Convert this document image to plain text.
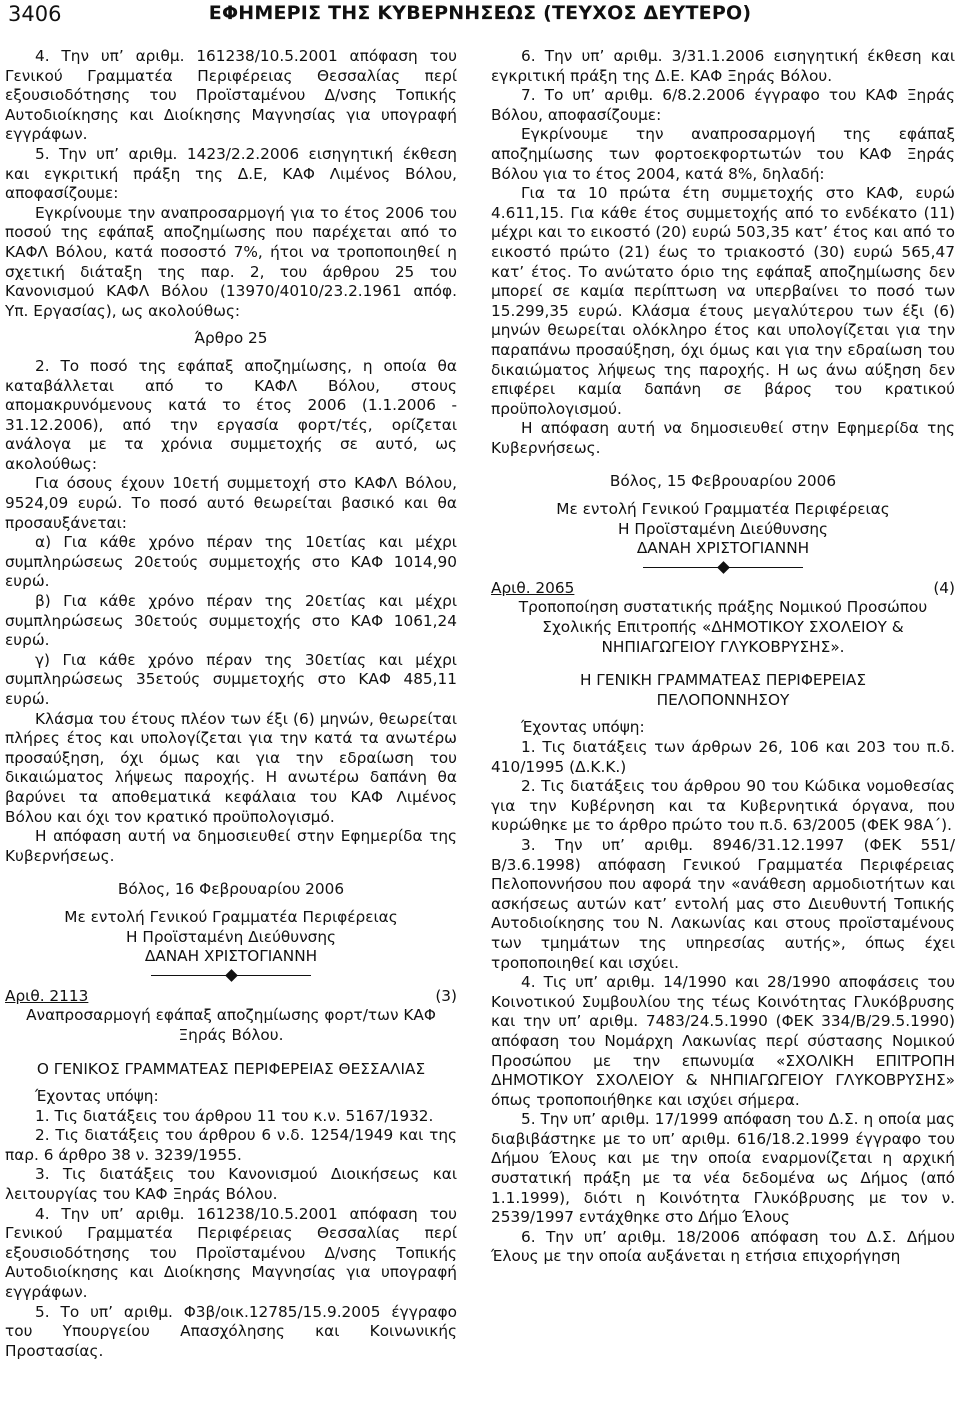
3406	ΕΦΗΜΕΡΙΣ ΤΗΣ ΚΥΒΕΡΝΗΣΕΩΣ (ΤΕΥΧΟΣ ΔΕΥΤΕΡΟ)

4. Την υπ’ αριθμ. 161238/10.5.2001 απόφαση του Γενικού Γραμματέα Περιφέρειας Θεσσαλίας περί εξουσιοδότησης του Προϊσταμένου Δ/νσης Τοπικής Αυτοδιοίκησης και Διοίκησης Μαγνησίας για υπογραφή εγγράφων.

5. Την υπ’ αριθμ. 1423/2.2.2006 εισηγητική έκθεση και εγκριτική πράξη της Δ.Ε, ΚΑΦ Λιμένος Βόλου, αποφασίζουμε:

Εγκρίνουμε την αναπροσαρμογή για το έτος 2006 του ποσού της εφάπαξ αποζημίωσης που παρέχεται από το ΚΑΦΛ Βόλου, κατά ποσοστό 7%, ήτοι να τροποποιηθεί η σχετική διάταξη της παρ. 2, του άρθρου 25 του Κανονισμού ΚΑΦΛ Βόλου (13970/4010/23.2.1961 απόφ. Υπ. Εργασίας), ως ακολούθως:

Άρθρο 25

2. Το ποσό της εφάπαξ αποζημίωσης, η οποία θα καταβάλλεται από το ΚΑΦΛ Βόλου, στους απομακρυνόμενους κατά το έτος 2006 (1.1.2006 - 31.12.2006), από την εργασία φορτ/τές, ορίζεται ανάλογα με τα χρόνια συμμετοχής σε αυτό, ως ακολούθως:

Για όσους έχουν 10ετή συμμετοχή στο ΚΑΦΛ Βόλου, 9524,09 ευρώ. Το ποσό αυτό θεωρείται βασικό και θα προσαυξάνεται:

α) Για κάθε χρόνο πέραν της 10ετίας και μέχρι συμπληρώσεως 20ετούς συμμετοχής στο ΚΑΦ 1014,90 ευρώ.

β) Για κάθε χρόνο πέραν της 20ετίας και μέχρι συμπληρώσεως 30ετούς συμμετοχής στο ΚΑΦ 1061,24 ευρώ.

γ) Για κάθε χρόνο πέραν της 30ετίας και μέχρι συμπληρώσεως 35ετούς συμμετοχής στο ΚΑΦ 485,11 ευρώ.

Κλάσμα του έτους πλέον των έξι (6) μηνών, θεωρείται πλήρες έτος και υπολογίζεται για την κατά τα ανωτέρω προσαύξηση, όχι όμως και για την εδραίωση του δικαιώματος λήψεως παροχής. Η ανωτέρω δαπάνη θα βαρύνει τα αποθεματικά κεφάλαια του ΚΑΦ Λιμένος Βόλου και όχι τον κρατικό προϋπολογισμό.

Η απόφαση αυτή να δημοσιευθεί στην Εφημερίδα της Κυβερνήσεως.

Βόλος, 16 Φεβρουαρίου 2006

Με εντολή Γενικού Γραμματέα Περιφέρειας

Η Προϊσταμένη Διεύθυνσης

ΔΑΝΑΗ ΧΡΙΣΤΟΓΙΑΝΝΗ

Αριθ. 2113	(3)

Αναπροσαρμογή εφάπαξ αποζημίωσης φορτ/των ΚΑΦ Ξηράς Βόλου.

Ο ΓΕΝΙΚΟΣ ΓΡΑΜΜΑΤΕΑΣ ΠΕΡΙΦΕΡΕΙΑΣ ΘΕΣΣΑΛΙΑΣ

Έχοντας υπόψη:

1. Τις διατάξεις του άρθρου 11 του κ.ν. 5167/1932.

2. Τις διατάξεις του άρθρου 6 ν.δ. 1254/1949 και της παρ. 6 άρθρο 38 ν. 3239/1955.

3. Τις διατάξεις του Κανονισμού Διοικήσεως και λειτουργίας του ΚΑΦ Ξηράς Βόλου.

4. Την υπ’ αριθμ. 161238/10.5.2001 απόφαση του Γενικού Γραμματέα Περιφέρειας Θεσσαλίας περί εξουσιοδότησης του Προϊσταμένου Δ/νσης Τοπικής Αυτοδιοίκησης και Διοίκησης Μαγνησίας για υπογραφή εγγράφων.

5. Το υπ’ αριθμ. Φ3β/οικ.12785/15.9.2005 έγγραφο του Υπουργείου Απασχόλησης και Κοινωνικής Προστασίας.

6. Την υπ’ αριθμ. 3/31.1.2006 εισηγητική έκθεση και εγκριτική πράξη της Δ.Ε. ΚΑΦ Ξηράς Βόλου.

7. Το υπ’ αριθμ. 6/8.2.2006 έγγραφο του ΚΑΦ Ξηράς Βόλου, αποφασίζουμε:

Εγκρίνουμε την αναπροσαρμογή της εφάπαξ αποζημίωσης των φορτοεκφορτωτών του ΚΑΦ Ξηράς Βόλου για το έτος 2004, κατά 8%, δηλαδή:

Για τα 10 πρώτα έτη συμμετοχής στο ΚΑΦ, ευρώ 4.611,15. Για κάθε έτος συμμετοχής από το ενδέκατο (11) μέχρι και το εικοστό (20) ευρώ 503,35 κατ’ έτος και από το εικοστό πρώτο (21) έως το τριακοστό (30) ευρώ 565,47 κατ’ έτος. Το ανώτατο όριο της εφάπαξ αποζημίωσης δεν μπορεί σε καμία περίπτωση να υπερβαίνει το ποσό των 15.299,35 ευρώ. Κλάσμα έτους μεγαλύτερου των έξι (6) μηνών θεωρείται ολόκληρο έτος και υπολογίζεται για την παραπάνω προσαύξηση, όχι όμως και για την εδραίωση του δικαιώματος λήψεως της παροχής. Η ως άνω αύξηση δεν επιφέρει καμία δαπάνη σε βάρος του κρατικού προϋπολογισμού.

Η απόφαση αυτή να δημοσιευθεί στην Εφημερίδα της Κυβερνήσεως.

Βόλος, 15 Φεβρουαρίου 2006

Με εντολή Γενικού Γραμματέα Περιφέρειας

Η Προϊσταμένη Διεύθυνσης

ΔΑΝΑΗ ΧΡΙΣΤΟΓΙΑΝΝΗ

Αριθ. 2065	(4)

Τροποποίηση συστατικής πράξης Νομικού Προσώπου Σχολικής Επιτροπής «ΔΗΜΟΤΙΚΟΥ ΣΧΟΛΕΙΟΥ & ΝΗΠΙΑΓΩΓΕΙΟΥ ΓΛΥΚΟΒΡΥΣΗΣ».

Η ΓΕΝΙΚΗ ΓΡΑΜΜΑΤΕΑΣ ΠΕΡΙΦΕΡΕΙΑΣ

ΠΕΛΟΠΟΝΝΗΣΟΥ

Έχοντας υπόψη:

1. Τις διατάξεις των άρθρων 26, 106 και 203 του π.δ. 410/1995 (Δ.Κ.Κ.)

2. Τις διατάξεις του άρθρου 90 του Κώδικα νομοθεσίας για την Κυβέρνηση και τα Κυβερνητικά όργανα, που κυρώθηκε με το άρθρο πρώτο του π.δ. 63/2005 (ΦΕΚ 98Α΄).

3. Την υπ’ αριθμ. 8946/31.12.1997 (ΦΕΚ 551/Β/3.6.1998) απόφαση Γενικού Γραμματέα Περιφέρειας Πελοποννήσου που αφορά την «ανάθεση αρμοδιοτήτων και ασκήσεως αυτών κατ’ εντολή μας στο Διευθυντή Τοπικής Αυτοδιοίκησης του Ν. Λακωνίας και στους προϊσταμένους των τμημάτων της υπηρεσίας αυτής», όπως έχει τροποποιηθεί και ισχύει.

4. Τις υπ’ αριθμ. 14/1990 και 28/1990 αποφάσεις του Κοινοτικού Συμβουλίου της τέως Κοινότητας Γλυκόβρυσης και την υπ’ αριθμ. 7483/24.5.1990 (ΦΕΚ 334/Β/29.5.1990) απόφαση του Νομάρχη Λακωνίας περί σύστασης Νομικού Προσώπου με την επωνυμία «ΣΧΟΛΙΚΗ ΕΠΙΤΡΟΠΗ ΔΗΜΟΤΙΚΟΥ ΣΧΟΛΕΙΟΥ & ΝΗΠΙΑΓΩΓΕΙΟΥ ΓΛΥΚΟΒΡΥΣΗΣ» όπως τροποποιήθηκε και ισχύει σήμερα.

5. Την υπ’ αριθμ. 17/1999 απόφαση του Δ.Σ. η οποία μας διαβιβάστηκε με το υπ’ αριθμ. 616/18.2.1999 έγγραφο του Δήμου Έλους και με την οποία εναρμονίζεται η αρχική συστατική πράξη με τα νέα δεδομένα ως Δήμος (από 1.1.1999), διότι η Κοινότητα Γλυκόβρυσης με τον ν. 2539/1997 εντάχθηκε στο Δήμο Έλους

6. Την υπ’ αριθμ. 18/2006 απόφαση του Δ.Σ. Δήμου Έλους με την οποία αυξάνεται η ετήσια επιχορήγηση
